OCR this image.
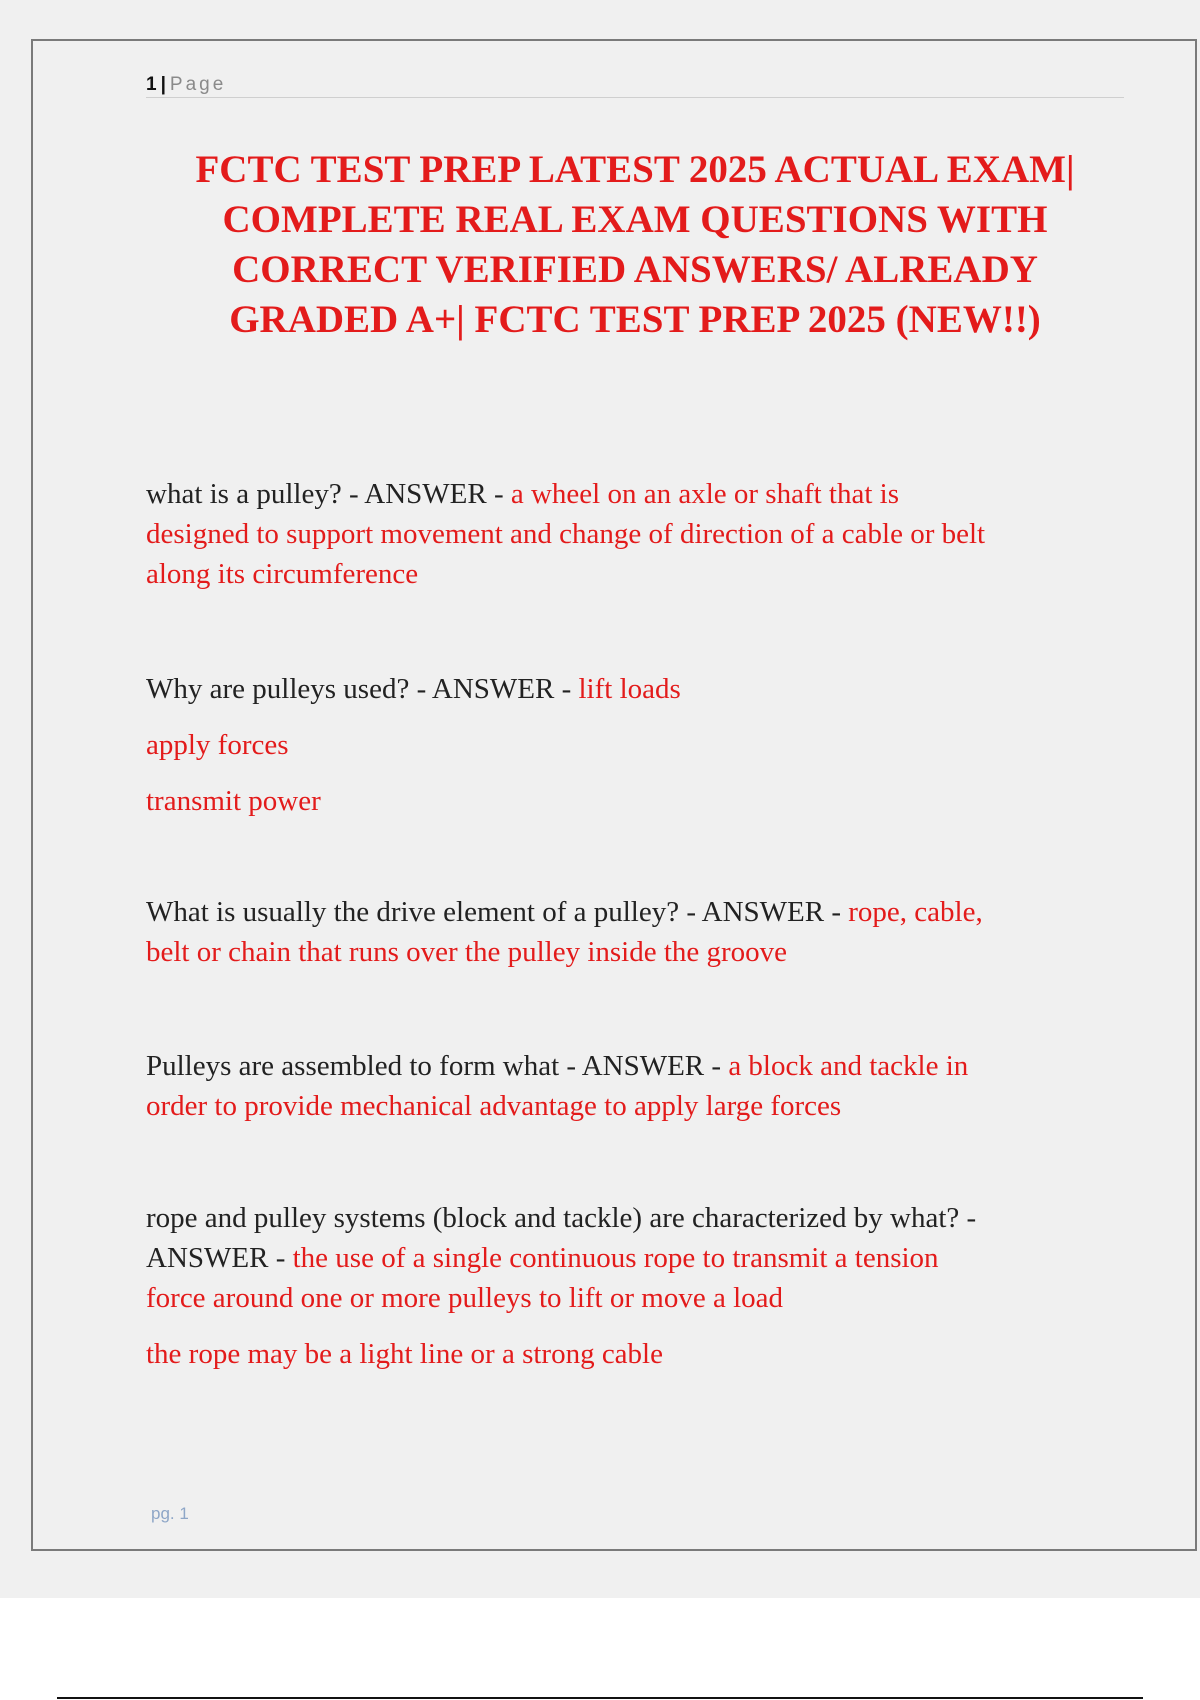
1 | Page
FCTC TEST PREP LATEST 2025 ACTUAL EXAM|
COMPLETE REAL EXAM QUESTIONS WITH
CORRECT VERIFIED ANSWERS/ ALREADY
GRADED A+| FCTC TEST PREP 2025 (NEW!!)
what is a pulley? - ANSWER - a wheel on an axle or shaft that is
designed to support movement and change of direction of a cable or belt
along its circumference
Why are pulleys used? - ANSWER - lift loads
apply forces
transmit power
What is usually the drive element of a pulley? - ANSWER - rope, cable,
belt or chain that runs over the pulley inside the groove
Pulleys are assembled to form what - ANSWER - a block and tackle in
order to provide mechanical advantage to apply large forces
rope and pulley systems (block and tackle) are characterized by what? -
ANSWER - the use of a single continuous rope to transmit a tension
force around one or more pulleys to lift or move a load
the rope may be a light line or a strong cable
pg. 1
